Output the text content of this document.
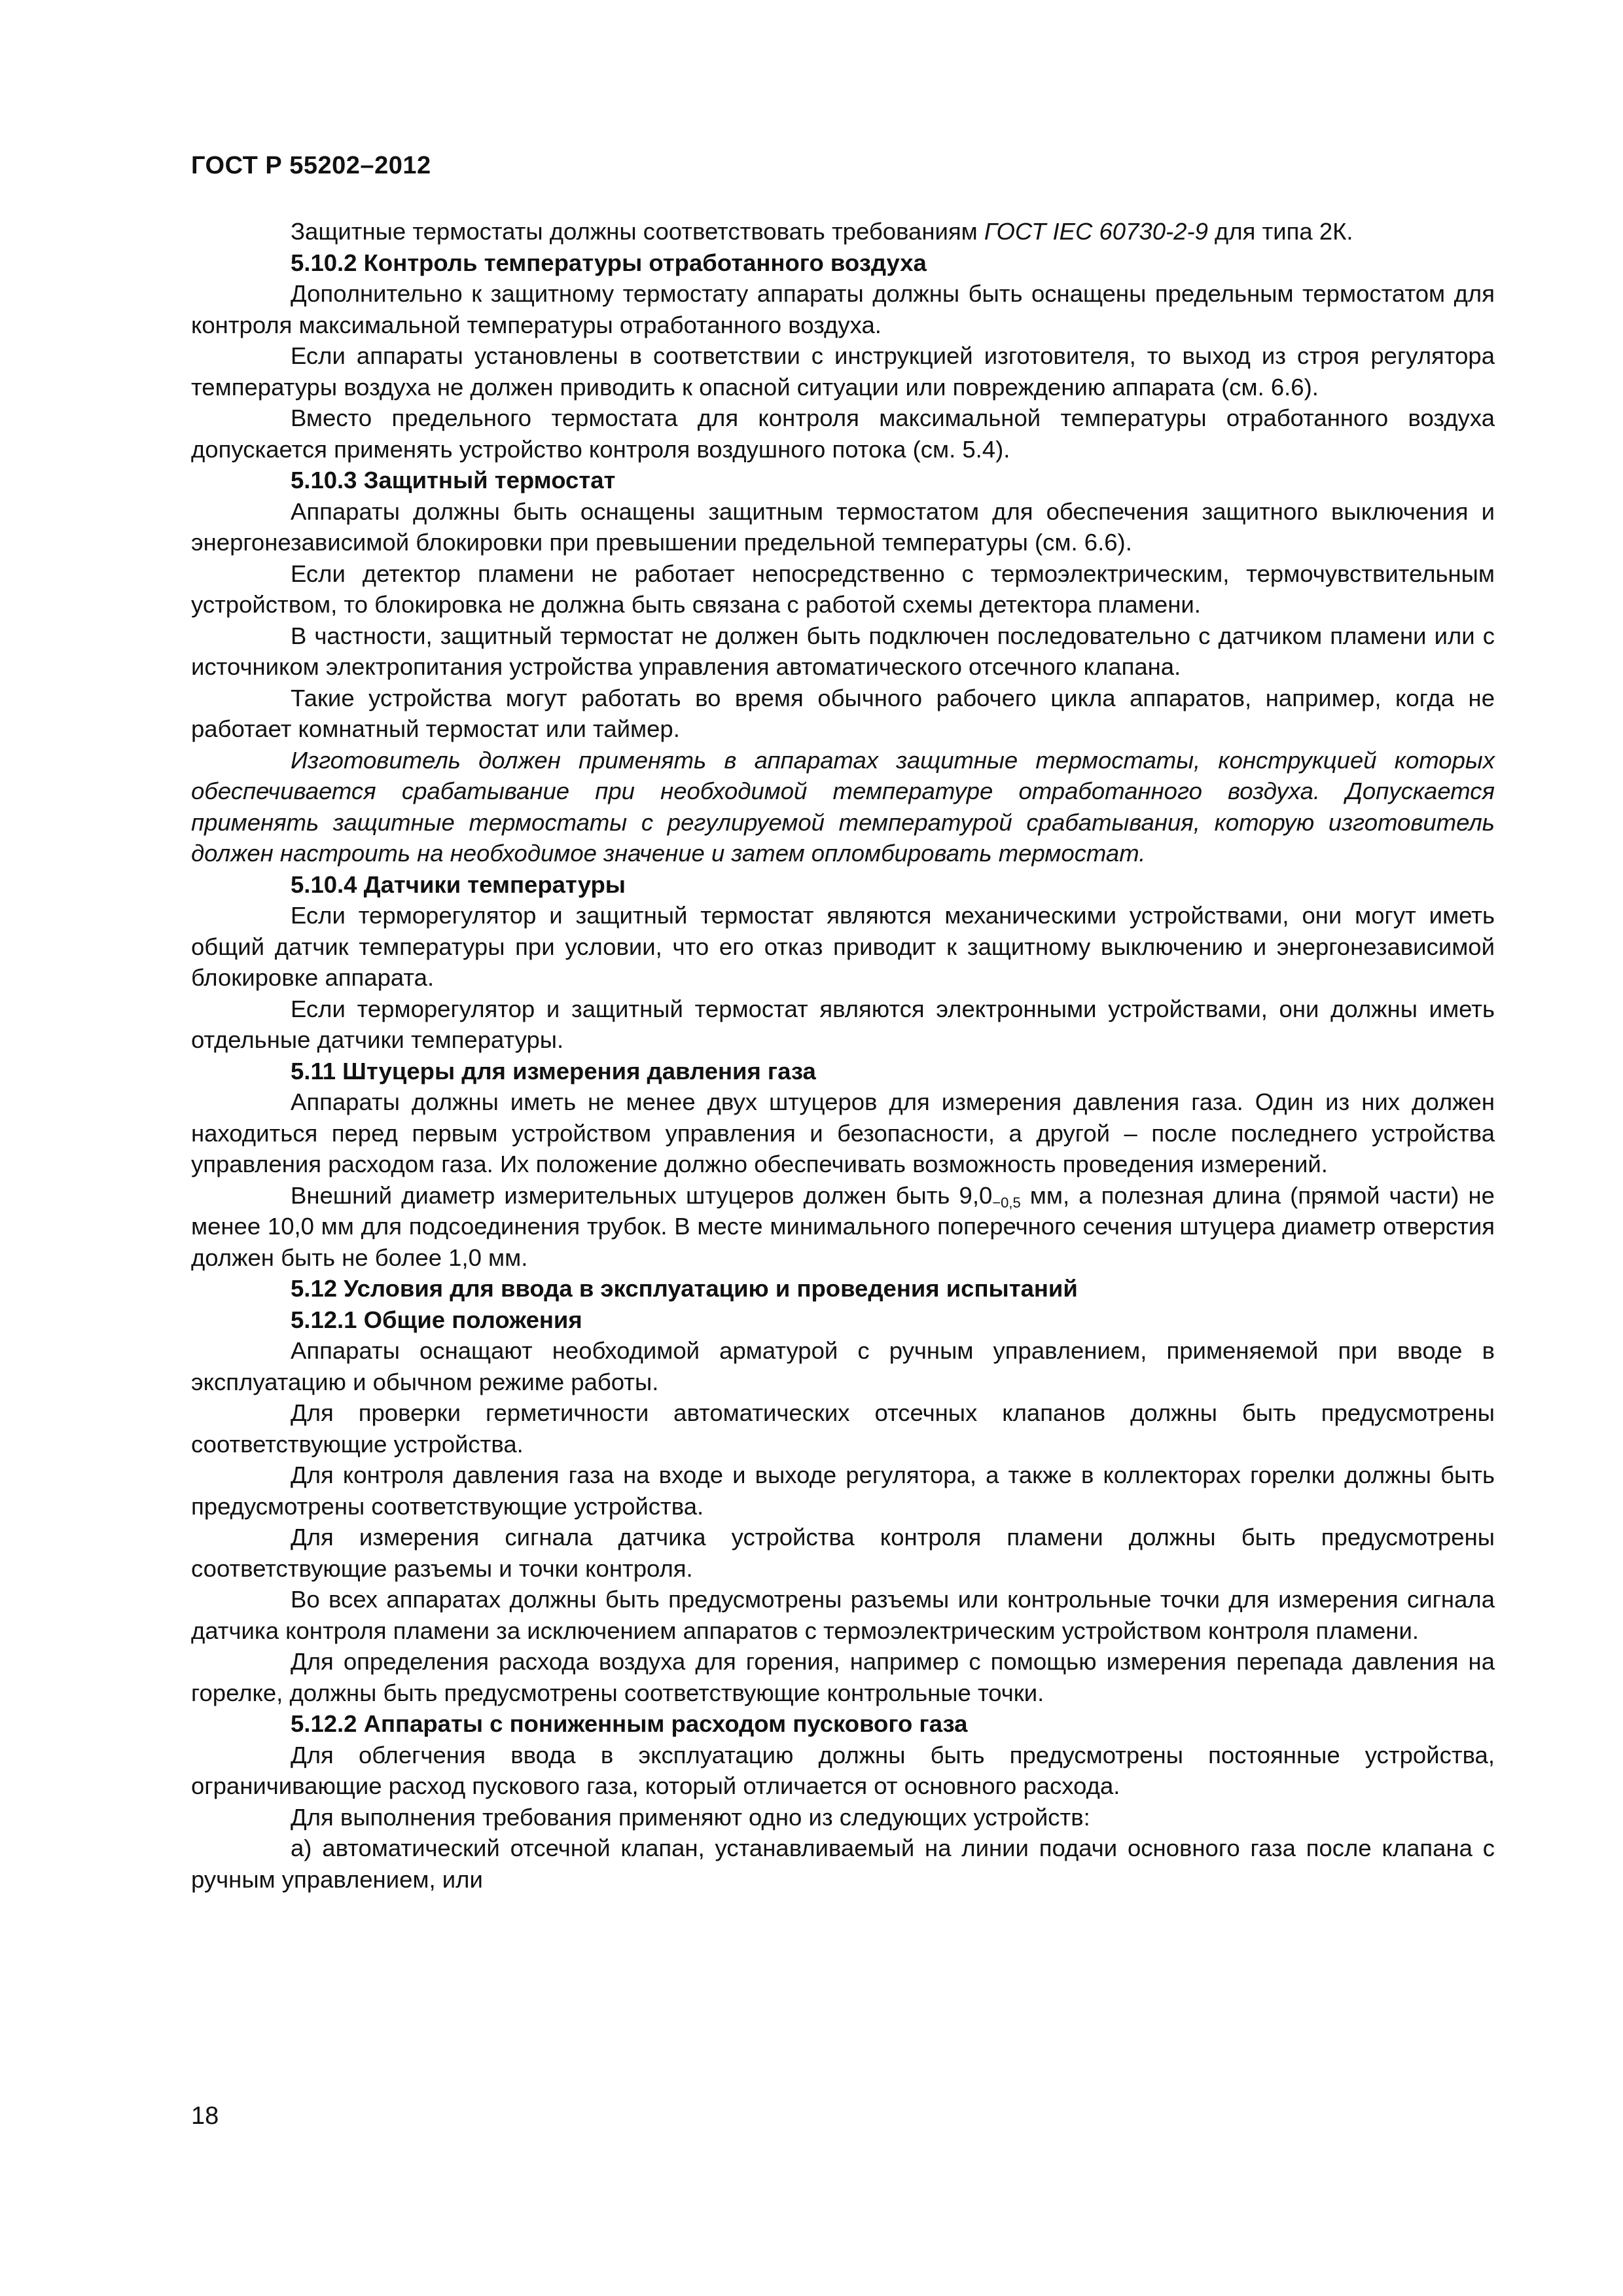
ГОСТ Р 55202–2012

Защитные термостаты должны соответствовать требованиям ГОСТ IEC 60730-2-9 для типа 2К.

5.10.2 Контроль температуры отработанного воздуха

Дополнительно к защитному термостату аппараты должны быть оснащены предельным термостатом для контроля максимальной температуры отработанного воздуха.

Если аппараты установлены в соответствии с инструкцией изготовителя, то выход из строя регулятора температуры воздуха не должен приводить к опасной ситуации или повреждению аппарата (см. 6.6).

Вместо предельного термостата для контроля максимальной температуры отработанного воздуха допускается применять устройство контроля воздушного потока (см. 5.4).

5.10.3 Защитный термостат

Аппараты должны быть оснащены защитным термостатом для обеспечения защитного выключения и энергонезависимой блокировки при превышении предельной температуры (см. 6.6).

Если детектор пламени не работает непосредственно с термоэлектрическим, термочувствительным устройством, то блокировка не должна быть связана с работой схемы детектора пламени.

В частности, защитный термостат не должен быть подключен последовательно с датчиком пламени или с источником электропитания устройства управления автоматического отсечного клапана.

Такие устройства могут работать во время обычного рабочего цикла аппаратов, например, когда не работает комнатный термостат или таймер.

Изготовитель должен применять в аппаратах защитные термостаты, конструкцией которых обеспечивается срабатывание при необходимой температуре отработанного воздуха. Допускается применять защитные термостаты с регулируемой температурой срабатывания, которую изготовитель должен настроить на необходимое значение и затем опломбировать термостат.

5.10.4 Датчики температуры

Если терморегулятор и защитный термостат являются механическими устройствами, они могут иметь общий датчик температуры при условии, что его отказ приводит к защитному выключению и энергонезависимой блокировке аппарата.

Если терморегулятор и защитный термостат являются электронными устройствами, они должны иметь отдельные датчики температуры.

5.11 Штуцеры для измерения давления газа

Аппараты должны иметь не менее двух штуцеров для измерения давления газа. Один из них должен находиться перед первым устройством управления и безопасности, а другой – после последнего устройства управления расходом газа. Их положение должно обеспечивать возможность проведения измерений.

Внешний диаметр измерительных штуцеров должен быть $9,0_{-0,5}$ мм, а полезная длина (прямой части) не менее 10,0 мм для подсоединения трубок. В месте минимального поперечного сечения штуцера диаметр отверстия должен быть не более 1,0 мм.

5.12 Условия для ввода в эксплуатацию и проведения испытаний

5.12.1 Общие положения

Аппараты оснащают необходимой арматурой с ручным управлением, применяемой при вводе в эксплуатацию и обычном режиме работы.

Для проверки герметичности автоматических отсечных клапанов должны быть предусмотрены соответствующие устройства.

Для контроля давления газа на входе и выходе регулятора, а также в коллекторах горелки должны быть предусмотрены соответствующие устройства.

Для измерения сигнала датчика устройства контроля пламени должны быть предусмотрены соответствующие разъемы и точки контроля.

Во всех аппаратах должны быть предусмотрены разъемы или контрольные точки для измерения сигнала датчика контроля пламени за исключением аппаратов с термоэлектрическим устройством контроля пламени.

Для определения расхода воздуха для горения, например с помощью измерения перепада давления на горелке, должны быть предусмотрены соответствующие контрольные точки.

5.12.2 Аппараты с пониженным расходом пускового газа

Для облегчения ввода в эксплуатацию должны быть предусмотрены постоянные устройства, ограничивающие расход пускового газа, который отличается от основного расхода.

Для выполнения требования применяют одно из следующих устройств:

а) автоматический отсечной клапан, устанавливаемый на линии подачи основного газа после клапана с ручным управлением, или

18
